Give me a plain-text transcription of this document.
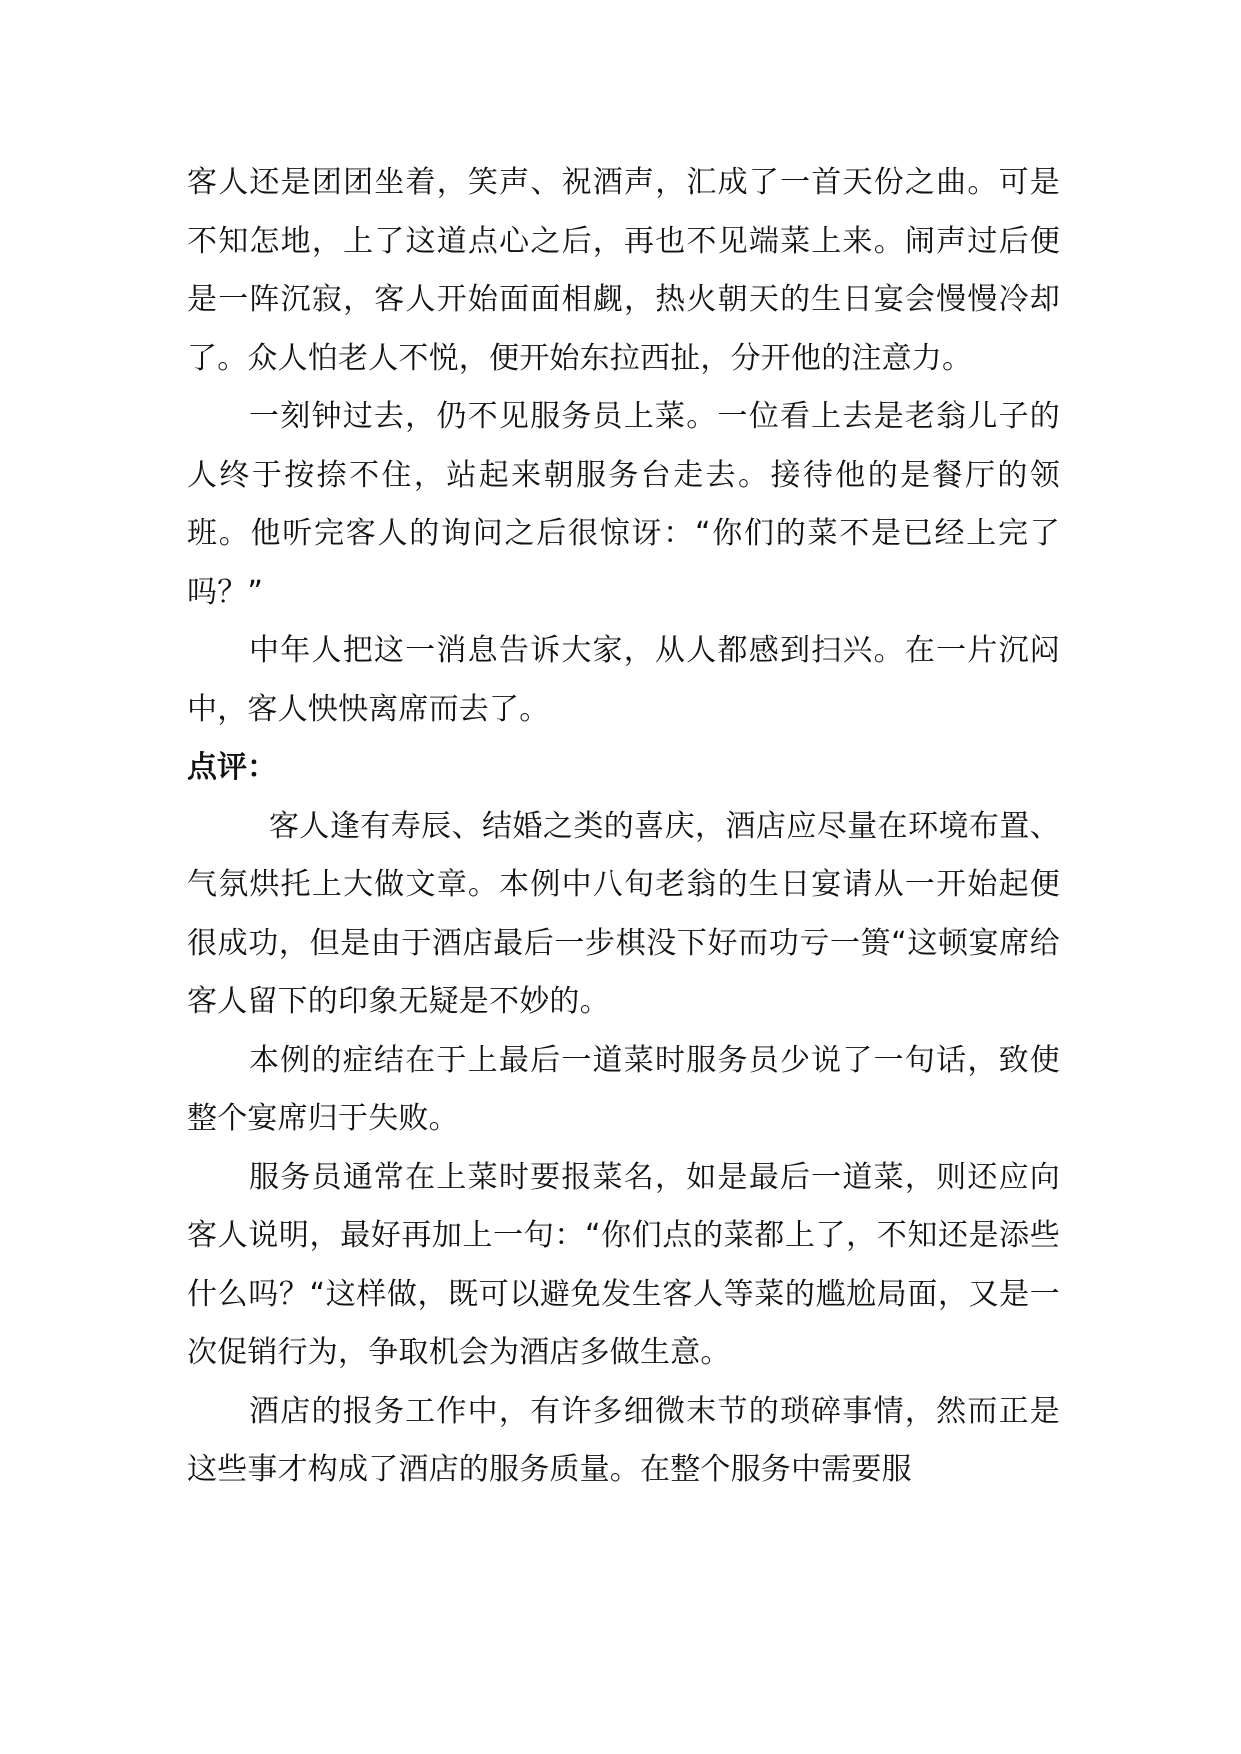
客人还是团团坐着，笑声、祝酒声，汇成了一首天份之曲。可是不知怎地，上了这道点心之后，再也不见端菜上来。闹声过后便是一阵沉寂，客人开始面面相觑，热火朝天的生日宴会慢慢冷却了。众人怕老人不悦，便开始东拉西扯，分开他的注意力。

一刻钟过去，仍不见服务员上菜。一位看上去是老翁儿子的人终于按捺不住，站起来朝服务台走去。接待他的是餐厅的领班。他听完客人的询问之后很惊讶：“你们的菜不是已经上完了吗？”

中年人把这一消息告诉大家，从人都感到扫兴。在一片沉闷中，客人怏怏离席而去了。

点评：

客人逢有寿辰、结婚之类的喜庆，酒店应尽量在环境布置、气氛烘托上大做文章。本例中八旬老翁的生日宴请从一开始起便很成功，但是由于酒店最后一步棋没下好而功亏一篑“这顿宴席给客人留下的印象无疑是不妙的。

本例的症结在于上最后一道菜时服务员少说了一句话，致使整个宴席归于失败。

服务员通常在上菜时要报菜名，如是最后一道菜，则还应向客人说明，最好再加上一句：“你们点的菜都上了，不知还是添些什么吗？“这样做，既可以避免发生客人等菜的尴尬局面，又是一次促销行为，争取机会为酒店多做生意。

酒店的报务工作中，有许多细微末节的琐碎事情，然而正是这些事才构成了酒店的服务质量。在整个服务中需要服
